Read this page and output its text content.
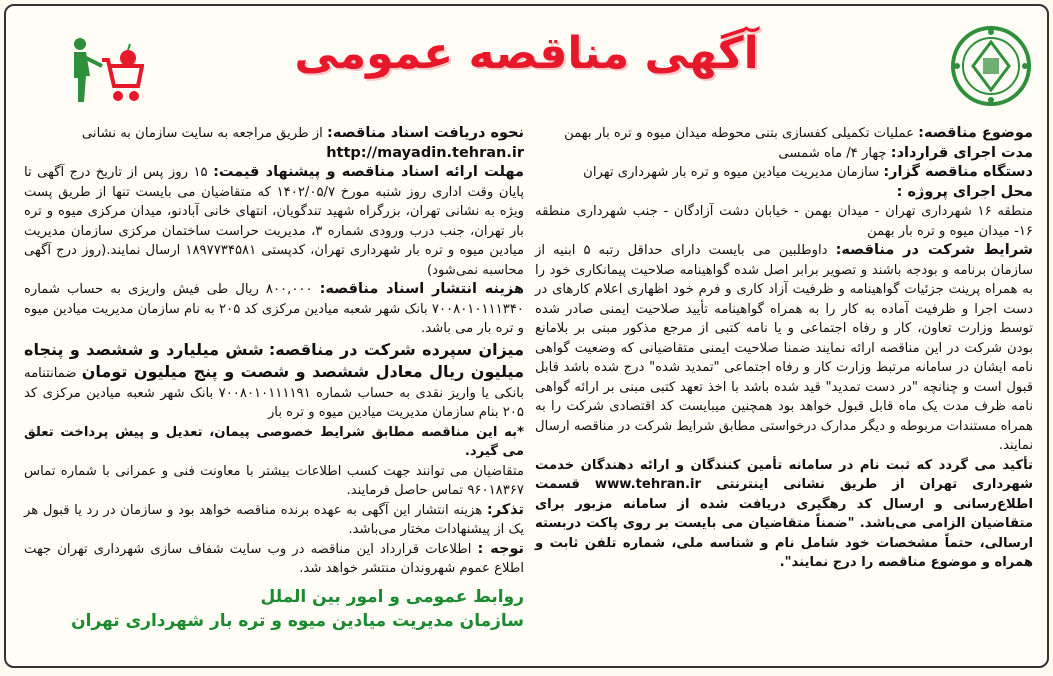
آگهی مناقصه عمومی

موضوع مناقصه: عملیات تکمیلی کفسازی بتنی محوطه میدان میوه و تره بار بهمن

مدت اجرای قرارداد: چهار ۴/ ماه شمسی

دستگاه مناقصه گزار: سازمان مدیریت میادین میوه و تره بار شهرداری تهران

محل اجرای پروژه :

منطقه ۱۶ شهرداری تهران - میدان بهمن - خیابان دشت آزادگان - جنب شهرداری منطقه ۱۶- میدان میوه و تره بار بهمن

شرایط شرکت در مناقصه: داوطلبین می بایست دارای حداقل رتبه ۵ ابنیه از سازمان برنامه و بودجه باشند و تصویر برابر اصل شده گواهینامه صلاحیت پیمانکاری خود را به همراه پرینت جزئیات گواهینامه و ظرفیت آزاد کاری و فرم خود اظهاری اعلام کارهای در دست اجرا و ظرفیت آماده به کار را به همراه گواهینامه تأیید صلاحیت ایمنی صادر شده توسط وزارت تعاون، کار و رفاه اجتماعی و یا نامه کتبی از مرجع مذکور مبنی بر بلامانع بودن شرکت در این مناقصه ارائه نمایند ضمنا صلاحیت ایمنی متقاضیانی که وضعیت گواهی نامه ایشان در سامانه مرتبط وزارت کار و رفاه اجتماعی "تمدید شده" درج شده باشد قابل قبول است و چنانچه "در دست تمدید" قید شده باشد با اخذ تعهد کتبی مبنی بر ارائه گواهی نامه ظرف مدت یک ماه قابل قبول خواهد بود همچنین میبایست کد اقتصادی شرکت را به همراه مستندات مربوطه و دیگر مدارک درخواستی مطابق شرایط شرکت در مناقصه ارسال نمایند.

تأکید می گردد که ثبت نام در سامانه تأمین کنندگان و ارائه دهندگان خدمت شهرداری تهران از طریق نشانی اینترنتی www.tehran.ir قسمت اطلاع‌رسانی و ارسال کد رهگیری دریافت شده از سامانه مزبور برای متقاضیان الزامی می‌باشد. "ضمناً متقاضیان می بایست بر روی پاکت دربسته ارسالی، حتماً مشخصات خود شامل نام و شناسه ملی، شماره تلفن ثابت و همراه و موضوع مناقصه را درج نمایند".

نحوه دریافت اسناد مناقصه: از طریق مراجعه به سایت سازمان به نشانی

http://mayadin.tehran.ir

مهلت ارائه اسناد مناقصه و پیشنهاد قیمت: ۱۵ روز پس از تاریخ درج آگهی تا پایان وقت اداری روز شنبه مورخ ۱۴۰۲/۰۵/۷ که متقاضیان می بایست تنها از طریق پست ویژه به نشانی تهران، بزرگراه شهید تندگویان، انتهای خانی آبادنو، میدان مرکزی میوه و تره بار تهران، جنب درب ورودی شماره ۳، مدیریت حراست ساختمان مرکزی سازمان مدیریت میادین میوه و تره بار شهرداری تهران، کدپستی ۱۸۹۷۷۳۴۵۸۱ ارسال نمایند.(روز درج آگهی محاسبه نمی‌شود)

هزینه انتشار اسناد مناقصه: ۸۰۰,۰۰۰ ریال طی فیش واریزی به حساب شماره ۷۰۰۸۰۱۰۱۱۱۳۴۰ بانک شهر شعبه میادین مرکزی کد ۲۰۵ به نام سازمان مدیریت میادین میوه و تره بار می باشد.

میزان سپرده شرکت در مناقصه: شش میلیارد و ششصد و پنجاه میلیون ریال معادل ششصد و شصت و پنج میلیون تومان ضمانتنامه بانکی یا واریز نقدی به حساب شماره ۷۰۰۸۰۱۰۱۱۱۱۹۱ بانک شهر شعبه میادین مرکزی کد ۲۰۵ بنام سازمان مدیریت میادین میوه و تره بار

*به این مناقصه مطابق شرایط خصوصی پیمان، تعدیل و پیش پرداخت تعلق می گیرد.

متقاضیان می توانند جهت کسب اطلاعات بیشتر با معاونت فنی و عمرانی با شماره تماس ۹۶۰۱۸۳۶۷ تماس حاصل فرمایند.

تذکر: هزینه انتشار این آگهی به عهده برنده مناقصه خواهد بود و سازمان در رد یا قبول هر یک از پیشنهادات مختار می‌باشد.

توجه : اطلاعات قرارداد این مناقصه در وب سایت شفاف سازی شهرداری تهران جهت اطلاع عموم شهروندان منتشر خواهد شد.

روابط عمومی و امور بین الملل
سازمان مدیریت میادین میوه و تره بار شهرداری تهران
